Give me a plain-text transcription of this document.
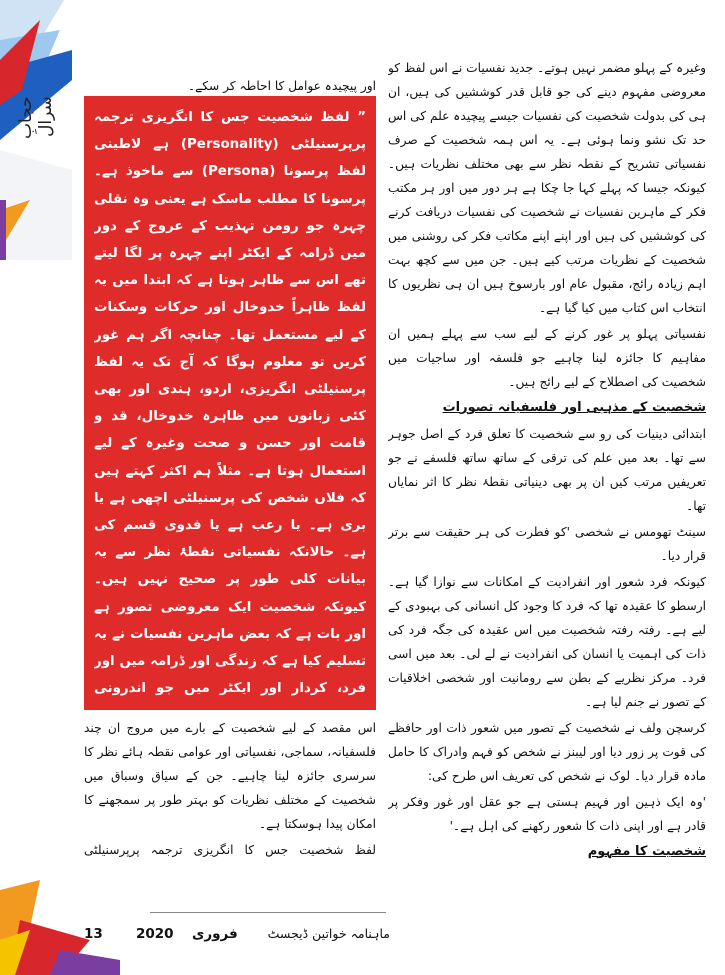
حجابِ سرال

وغیرہ کے پہلو مضمر نہیں ہوتے۔ جدید نفسیات نے اس لفظ کو معروضی مفہوم دینے کی جو قابل قدر کوششیں کی ہیں، ان ہی کی بدولت شخصیت کی نفسیات جیسے پیچیدہ علم کی اس حد تک نشو ونما ہوئی ہے۔ یہ اس ہمہ شخصیت کے صرف نفسیاتی تشریح کے نقطہ نظر سے بھی مختلف نظریات ہیں۔ کیونکہ جیسا کہ پہلے کہا جا چکا ہے ہر دور میں اور ہر مکتب فکر کے ماہرین نفسیات نے شخصیت کی نفسیات دریافت کرنے کی کوششیں کی ہیں اور اپنے اپنے مکاتب فکر کی روشنی میں شخصیت کے نظریات مرتب کیے ہیں۔ جن میں سے کچھ بہت اہم زیادہ رائج، مقبول عام اور بارسوخ ہیں ان ہی نظریوں کا انتخاب اس کتاب میں کیا گیا ہے۔

نفسیاتی پہلو پر غور کرنے کے لیے سب سے پہلے ہمیں ان مفاہیم کا جائزہ لینا چاہیے جو فلسفہ اور ساجیات میں شخصیت کی اصطلاح کے لیے رائج ہیں۔

شخصیت کے مذہبی اور فلسفیانہ تصورات

ابتدائی دینیات کی رو سے شخصیت کا تعلق فرد کے اصل جوہر سے تھا۔ بعد میں علم کی ترقی کے ساتھ ساتھ فلسفے نے جو تعریفیں مرتب کیں ان پر بھی دینیاتی نقطۂ نظر کا اثر نمایاں تھا۔

سینٹ تھومس نے شخصی 'کو فطرت کی ہر حقیقت سے برتر قرار دیا۔

کیونکہ فرد شعور اور انفرادیت کے امکانات سے نوازا گیا ہے۔ ارسطو کا عقیدہ تھا کہ فرد کا وجود کل انسانی کی بہبودی کے لیے ہے۔ رفتہ رفتہ شخصیت میں اس عقیدہ کی جگہ فرد کی ذات کی اہمیت یا انسان کی انفرادیت نے لے لی۔ بعد میں اسی فرد۔ مرکز نظریے کے بطن سے رومانیت اور شخصی اخلاقیات کے تصور نے جنم لیا ہے۔

کرسچن ولف نے شخصیت کے تصور میں شعور ذات اور حافظے کی قوت پر زور دیا اور لیبنز نے شخص کو فہم وادراک کا حامل مادہ قرار دیا۔ لوک نے شخص کی تعریف اس طرح کی:

'وہ ایک ذہین اور فہیم ہستی ہے جو عقل اور غور وفکر پر قادر ہے اور اپنی ذات کا شعور رکھنے کی اہل ہے۔'

شخصیت کا مفہوم

اور پیچیدہ عوامل کا احاطہ کر سکے۔

” لفظ شخصیت جس کا انگریزی ترجمہ پرپرسنیلٹی (Personality) ہے لاطینی لفظ پرسونا (Persona) سے ماخوذ ہے۔ پرسونا کا مطلب ماسک ہے یعنی وہ نقلی چہرہ جو رومن تہذیب کے عروج کے دور میں ڈرامہ کے ایکٹر اپنے چہرہ پر لگا لیتے تھے اس سے ظاہر ہوتا ہے کہ ابتدا میں یہ لفظ ظاہراً خدوخال اور حرکات وسکنات کے لیے مستعمل تھا۔ چنانچہ اگر ہم غور کریں تو معلوم ہوگا کہ آج تک یہ لفظ پرسنیلٹی انگریزی، اردو، ہندی اور بھی کئی زبانوں میں ظاہرہ خدوخال، قد و قامت اور حسن و صحت وغیرہ کے لیے استعمال ہوتا ہے۔ مثلاً ہم اکثر کہتے ہیں کہ فلاں شخص کی پرسنیلٹی اچھی ہے یا بری ہے۔ یا رعب ہے یا فدوی قسم کی ہے۔ حالانکہ نفسیاتی نقطۂ نظر سے یہ بیانات کلی طور پر صحیح نہیں ہیں۔ کیونکہ شخصیت ایک معروضی تصور ہے اور بات ہے کہ بعض ماہرین نفسیات نے یہ تسلیم کیا ہے کہ زندگی اور ڈرامہ میں اور فرد، کردار اور ایکٹر میں جو اندرونی

اس مقصد کے لیے شخصیت کے بارے میں مروج ان چند فلسفیانہ، سماجی، نفسیاتی اور عوامی نقطہ ہائے نظر کا سرسری جائزہ لینا چاہیے۔ جن کے سیاق وسباق میں شخصیت کے مختلف نظریات کو بہتر طور پر سمجھنے کا امکان پیدا ہوسکتا ہے۔

لفظ شخصیت جس کا انگریزی ترجمہ پرپرسنیلٹی

13 2020 فروری	ماہنامہ خواتین ڈیجسٹ
